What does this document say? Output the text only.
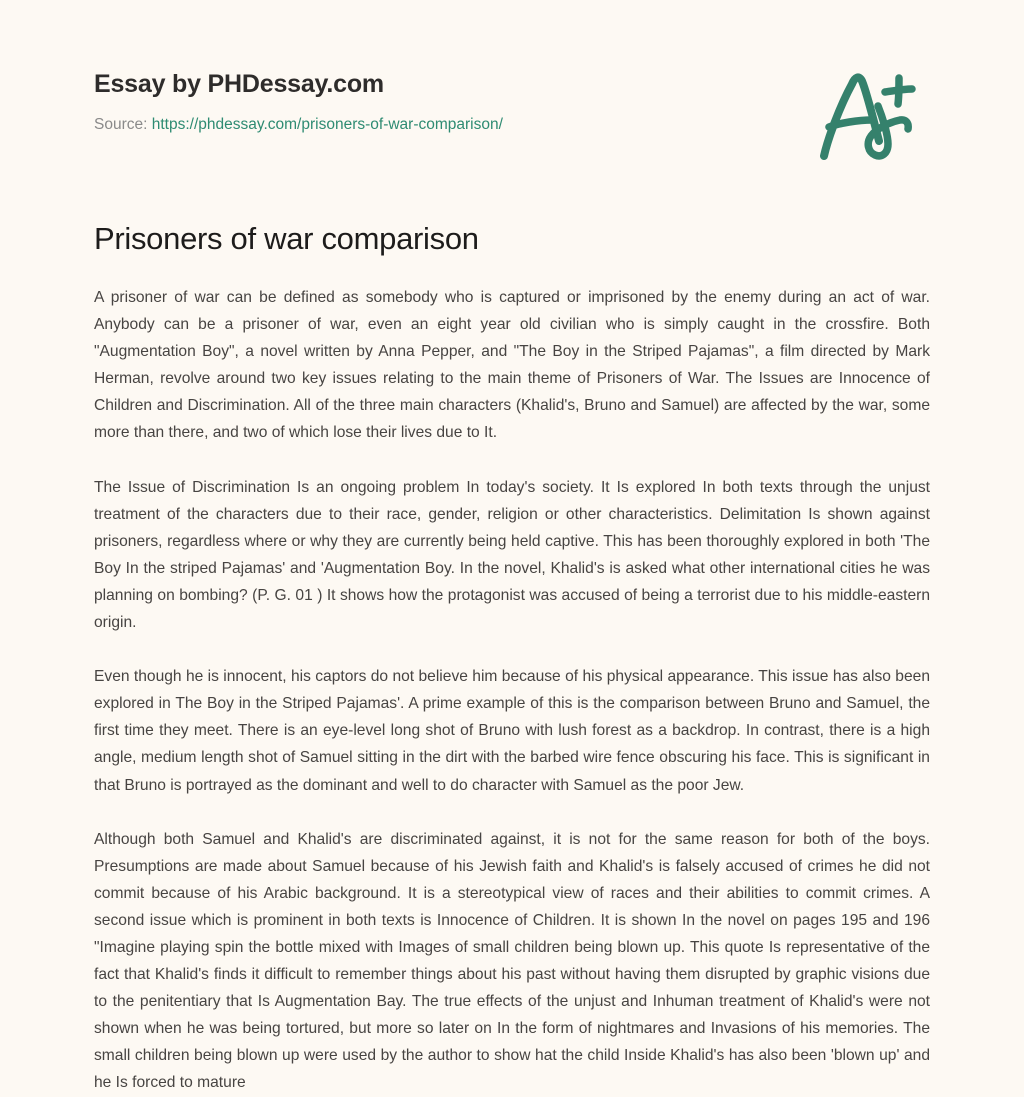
Essay by PHDessay.com
Source: https://phdessay.com/prisoners-of-war-comparison/
Prisoners of war comparison

A prisoner of war can be defined as somebody who is captured or imprisoned by the enemy during an act of war. Anybody can be a prisoner of war, even an eight year old civilian who is simply caught in the crossfire. Both "Augmentation Boy", a novel written by Anna Pepper, and "The Boy in the Striped Pajamas", a film directed by Mark Herman, revolve around two key issues relating to the main theme of Prisoners of War. The Issues are Innocence of Children and Discrimination. All of the three main characters (Khalid's, Bruno and Samuel) are affected by the war, some more than there, and two of which lose their lives due to It.

The Issue of Discrimination Is an ongoing problem In today's society. It Is explored In both texts through the unjust treatment of the characters due to their race, gender, religion or other characteristics. Delimitation Is shown against prisoners, regardless where or why they are currently being held captive. This has been thoroughly explored in both 'The Boy In the striped Pajamas' and 'Augmentation Boy. In the novel, Khalid's is asked what other international cities he was planning on bombing? (P. G. 01 ) It shows how the protagonist was accused of being a terrorist due to his middle-eastern origin.

Even though he is innocent, his captors do not believe him because of his physical appearance. This issue has also been explored in The Boy in the Striped Pajamas'. A prime example of this is the comparison between Bruno and Samuel, the first time they meet. There is an eye-level long shot of Bruno with lush forest as a backdrop. In contrast, there is a high angle, medium length shot of Samuel sitting in the dirt with the barbed wire fence obscuring his face. This is significant in that Bruno is portrayed as the dominant and well to do character with Samuel as the poor Jew.

Although both Samuel and Khalid's are discriminated against, it is not for the same reason for both of the boys. Presumptions are made about Samuel because of his Jewish faith and Khalid's is falsely accused of crimes he did not commit because of his Arabic background. It is a stereotypical view of races and their abilities to commit crimes. A second issue which is prominent in both texts is Innocence of Children. It is shown In the novel on pages 195 and 196 "Imagine playing spin the bottle mixed with Images of small children being blown up. This quote Is representative of the fact that Khalid's finds it difficult to remember things about his past without having them disrupted by graphic visions due to the penitentiary that Is Augmentation Bay. The true effects of the unjust and Inhuman treatment of Khalid's were not shown when he was being tortured, but more so later on In the form of nightmares and Invasions of his memories. The small children being blown up were used by the author to show hat the child Inside Khalid's has also been 'blown up' and he Is forced to mature
